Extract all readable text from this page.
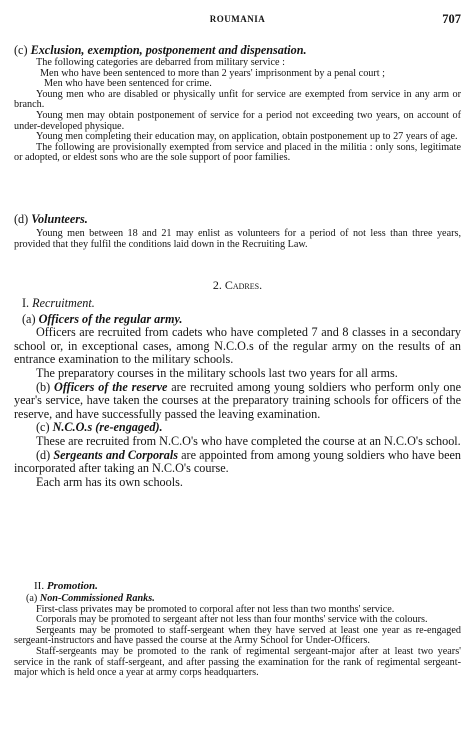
ROUMANIA	707

(c) Exclusion, exemption, postponement and dispensation.

The following categories are debarred from military service :

Men who have been sentenced to more than 2 years' imprisonment by a penal court ;

Men who have been sentenced for crime.

Young men who are disabled or physically unfit for service are exempted from service in any arm or branch.

Young men may obtain postponement of service for a period not exceeding two years, on account of under-developed physique.

Young men completing their education may, on application, obtain postponement up to 27 years of age.

The following are provisionally exempted from service and placed in the militia : only sons, legitimate or adopted, or eldest sons who are the sole support of poor families.

(d) Volunteers.

Young men between 18 and 21 may enlist as volunteers for a period of not less than three years, provided that they fulfil the conditions laid down in the Recruiting Law.

2. Cadres.

I. Recruitment.

(a) Officers of the regular army.

Officers are recruited from cadets who have completed 7 and 8 classes in a secondary school or, in exceptional cases, among N.C.O.s of the regular army on the results of an entrance examination to the military schools.

The preparatory courses in the military schools last two years for all arms.

(b) Officers of the reserve are recruited among young soldiers who perform only one year's service, have taken the courses at the preparatory training schools for officers of the reserve, and have successfully passed the leaving examination.

(c) N.C.O.s (re-engaged).

These are recruited from N.C.O's who have completed the course at an N.C.O's school.

(d) Sergeants and Corporals are appointed from among young soldiers who have been incorporated after taking an N.C.O's course.

Each arm has its own schools.

II. Promotion.

(a) Non-Commissioned Ranks.

First-class privates may be promoted to corporal after not less than two months' service.

Corporals may be promoted to sergeant after not less than four months' service with the colours.

Sergeants may be promoted to staff-sergeant when they have served at least one year as re-engaged sergeant-instructors and have passed the course at the Army School for Under-Officers.

Staff-sergeants may be promoted to the rank of regimental sergeant-major after at least two years' service in the rank of staff-sergeant, and after passing the examination for the rank of regimental sergeant-major which is held once a year at army corps headquarters.
